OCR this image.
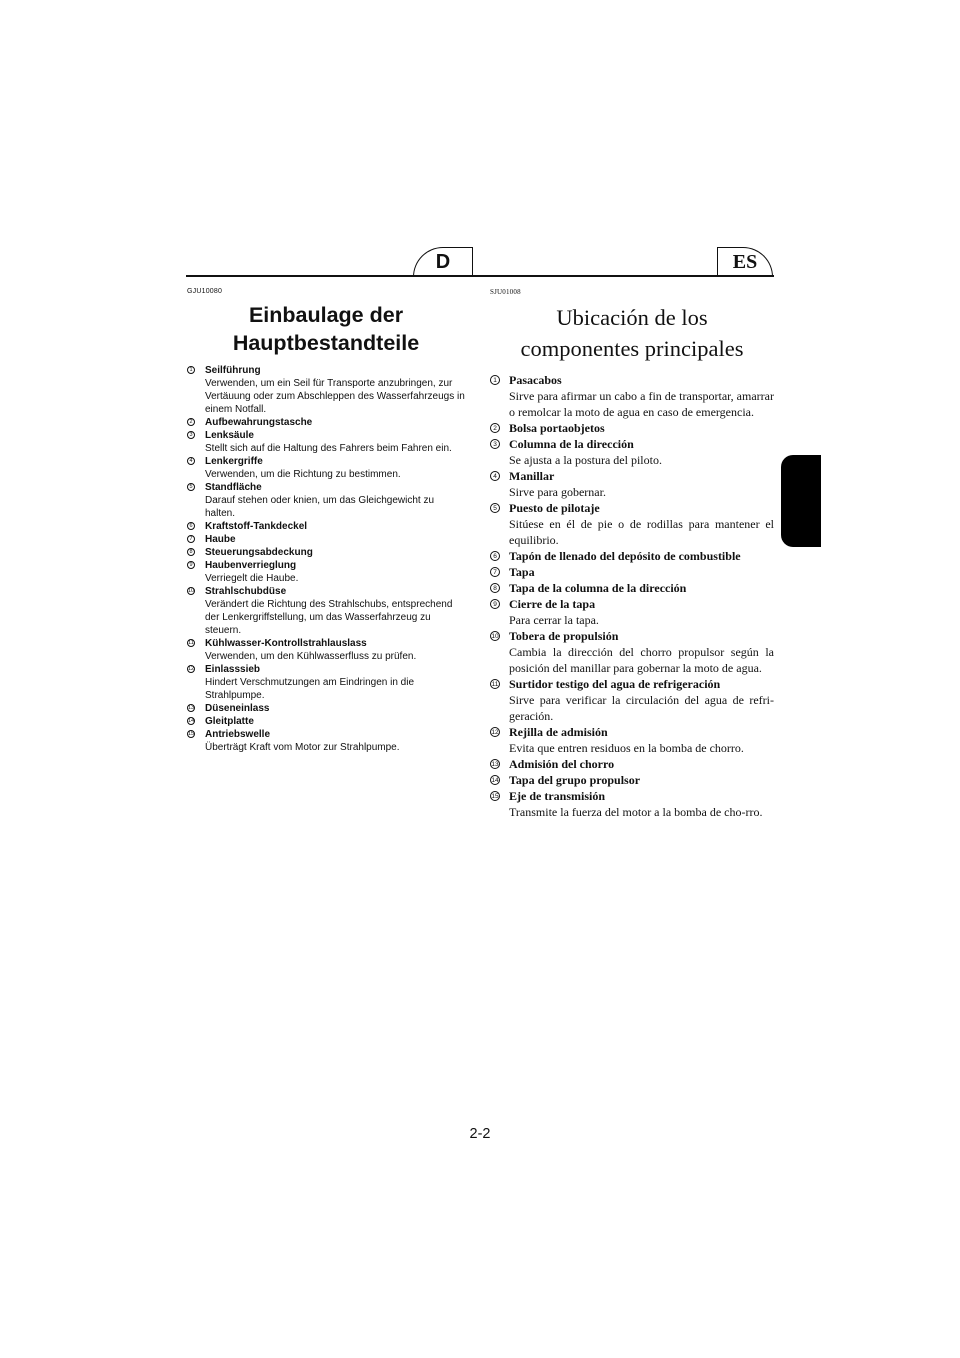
D	ES
GJU10080
Einbaulage der
Hauptbestandteile
1 Seilführung
Verwenden, um ein Seil für Transporte anzubringen, zur Vertäuung oder zum Abschleppen des Wasserfahrzeugs in einem Notfall.
2 Aufbewahrungstasche
3 Lenksäule
Stellt sich auf die Haltung des Fahrers beim Fahren ein.
4 Lenkergriffe
Verwenden, um die Richtung zu bestimmen.
5 Standfläche
Darauf stehen oder knien, um das Gleichgewicht zu halten.
6 Kraftstoff-Tankdeckel
7 Haube
8 Steuerungsabdeckung
9 Haubenverrieglung
Verriegelt die Haube.
10 Strahlschubdüse
Verändert die Richtung des Strahlschubs, entsprechend der Lenkergriffstellung, um das Wasserfahrzeug zu steuern.
11 Kühlwasser-Kontrollstrahlauslass
Verwenden, um den Kühlwasserfluss zu prüfen.
12 Einlasssieb
Hindert Verschmutzungen am Eindringen in die Strahlpumpe.
13 Düseneinlass
14 Gleitplatte
15 Antriebswelle
Überträgt Kraft vom Motor zur Strahlpumpe.
SJU01008
Ubicación de los
componentes principales
1 Pasacabos
Sirve para afirmar un cabo a fin de transportar, amarrar o remolcar la moto de agua en caso de emergencia.
2 Bolsa portaobjetos
3 Columna de la dirección
Se ajusta a la postura del piloto.
4 Manillar
Sirve para gobernar.
5 Puesto de pilotaje
Sitúese en él de pie o de rodillas para mantener el equilibrio.
6 Tapón de llenado del depósito de combustible
7 Tapa
8 Tapa de la columna de la dirección
9 Cierre de la tapa
Para cerrar la tapa.
10 Tobera de propulsión
Cambia la dirección del chorro propulsor según la posición del manillar para gobernar la moto de agua.
11 Surtidor testigo del agua de refrigeración
Sirve para verificar la circulación del agua de refri-geración.
12 Rejilla de admisión
Evita que entren residuos en la bomba de chorro.
13 Admisión del chorro
14 Tapa del grupo propulsor
15 Eje de transmisión
Transmite la fuerza del motor a la bomba de cho-rro.
2-2
